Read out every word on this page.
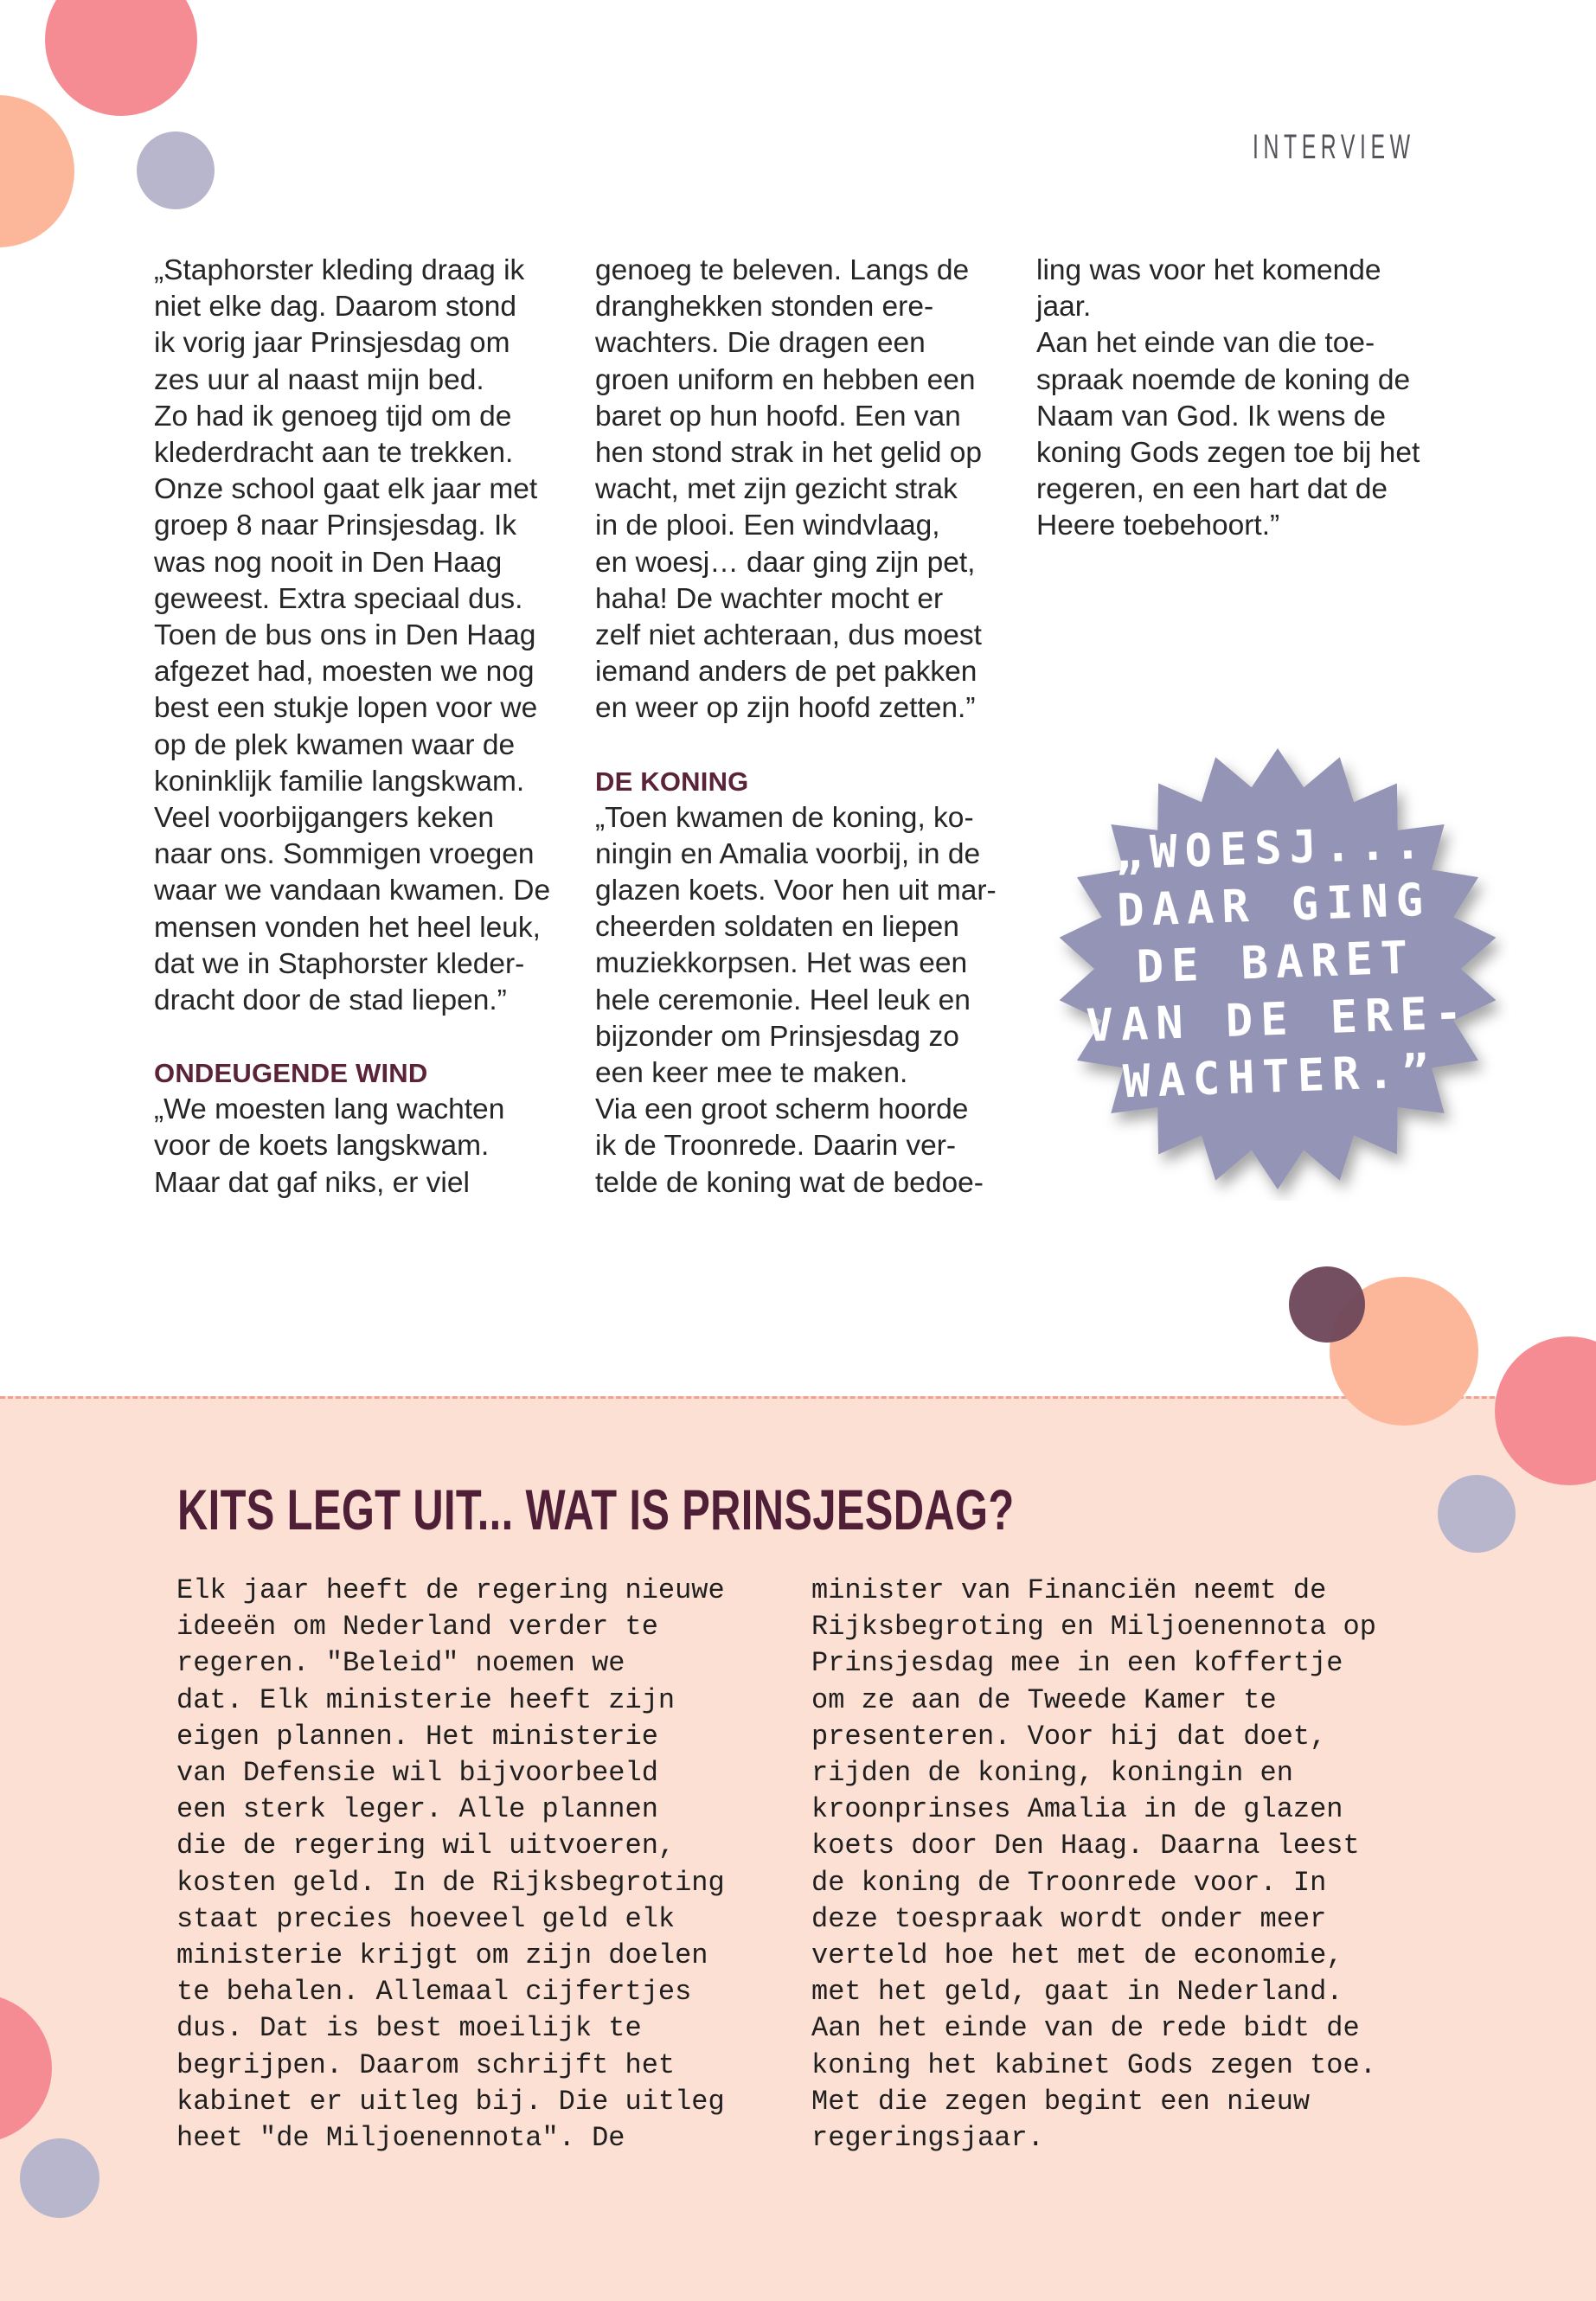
INTERVIEW

„Staphorster kleding draag ik
niet elke dag. Daarom stond
ik vorig jaar Prinsjesdag om
zes uur al naast mijn bed.
Zo had ik genoeg tijd om de
klederdracht aan te trekken.
Onze school gaat elk jaar met
groep 8 naar Prinsjesdag. Ik
was nog nooit in Den Haag
geweest. Extra speciaal dus.
Toen de bus ons in Den Haag
afgezet had, moesten we nog
best een stukje lopen voor we
op de plek kwamen waar de
koninklijk familie langskwam.
Veel voorbijgangers keken
naar ons. Sommigen vroegen
waar we vandaan kwamen. De
mensen vonden het heel leuk,
dat we in Staphorster kleder-
dracht door de stad liepen.”

ONDEUGENDE WIND

„We moesten lang wachten
voor de koets langskwam.
Maar dat gaf niks, er viel

genoeg te beleven. Langs de
dranghekken stonden ere-
wachters. Die dragen een
groen uniform en hebben een
baret op hun hoofd. Een van
hen stond strak in het gelid op
wacht, met zijn gezicht strak
in de plooi. Een windvlaag,
en woesj… daar ging zijn pet,
haha! De wachter mocht er
zelf niet achteraan, dus moest
iemand anders de pet pakken
en weer op zijn hoofd zetten.”

DE KONING

„Toen kwamen de koning, ko-
ningin en Amalia voorbij, in de
glazen koets. Voor hen uit mar-
cheerden soldaten en liepen
muziekkorpsen. Het was een
hele ceremonie. Heel leuk en
bijzonder om Prinsjesdag zo
een keer mee te maken.
Via een groot scherm hoorde
ik de Troonrede. Daarin ver-
telde de koning wat de bedoe-

ling was voor het komende
jaar.
Aan het einde van die toe-
spraak noemde de koning de
Naam van God. Ik wens de
koning Gods zegen toe bij het
regeren, en een hart dat de
Heere toebehoort.”

„WOESJ...
DAAR GING
DE BARET
VAN DE ERE-
WACHTER.”
KITS LEGT UIT... WAT IS PRINSJESDAG?

Elk jaar heeft de regering nieuwe
ideeën om Nederland verder te
regeren. "Beleid" noemen we
dat. Elk ministerie heeft zijn
eigen plannen. Het ministerie
van Defensie wil bijvoorbeeld
een sterk leger. Alle plannen
die de regering wil uitvoeren,
kosten geld. In de Rijksbegroting
staat precies hoeveel geld elk
ministerie krijgt om zijn doelen
te behalen. Allemaal cijfertjes
dus. Dat is best moeilijk te
begrijpen. Daarom schrijft het
kabinet er uitleg bij. Die uitleg
heet "de Miljoenennota". De

minister van Financiën neemt de
Rijksbegroting en Miljoenennota op
Prinsjesdag mee in een koffertje
om ze aan de Tweede Kamer te
presenteren. Voor hij dat doet,
rijden de koning, koningin en
kroonprinses Amalia in de glazen
koets door Den Haag. Daarna leest
de koning de Troonrede voor. In
deze toespraak wordt onder meer
verteld hoe het met de economie,
met het geld, gaat in Nederland.
Aan het einde van de rede bidt de
koning het kabinet Gods zegen toe.
Met die zegen begint een nieuw
regeringsjaar.
